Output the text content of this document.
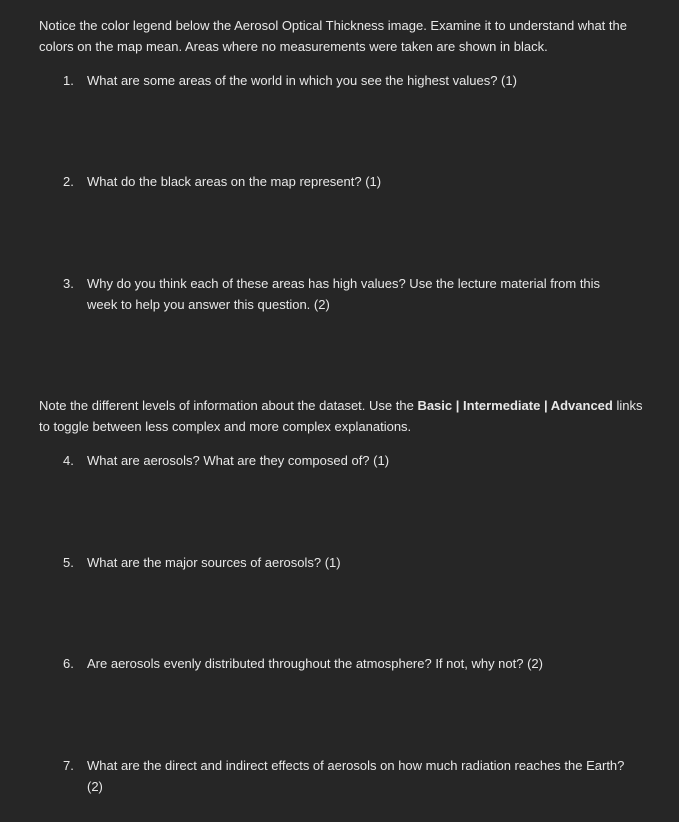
Notice the color legend below the Aerosol Optical Thickness image. Examine it to understand what the colors on the map mean. Areas where no measurements were taken are shown in black.

1.	What are some areas of the world in which you see the highest values? (1)
2.	What do the black areas on the map represent? (1)
3.	Why do you think each of these areas has high values? Use the lecture material from this week to help you answer this question. (2)

Note the different levels of information about the dataset. Use the Basic | Intermediate | Advanced links to toggle between less complex and more complex explanations.

4.	What are aerosols? What are they composed of? (1)
5.	What are the major sources of aerosols? (1)
6.	Are aerosols evenly distributed throughout the atmosphere? If not, why not? (2)
7.	What are the direct and indirect effects of aerosols on how much radiation reaches the Earth? (2)
